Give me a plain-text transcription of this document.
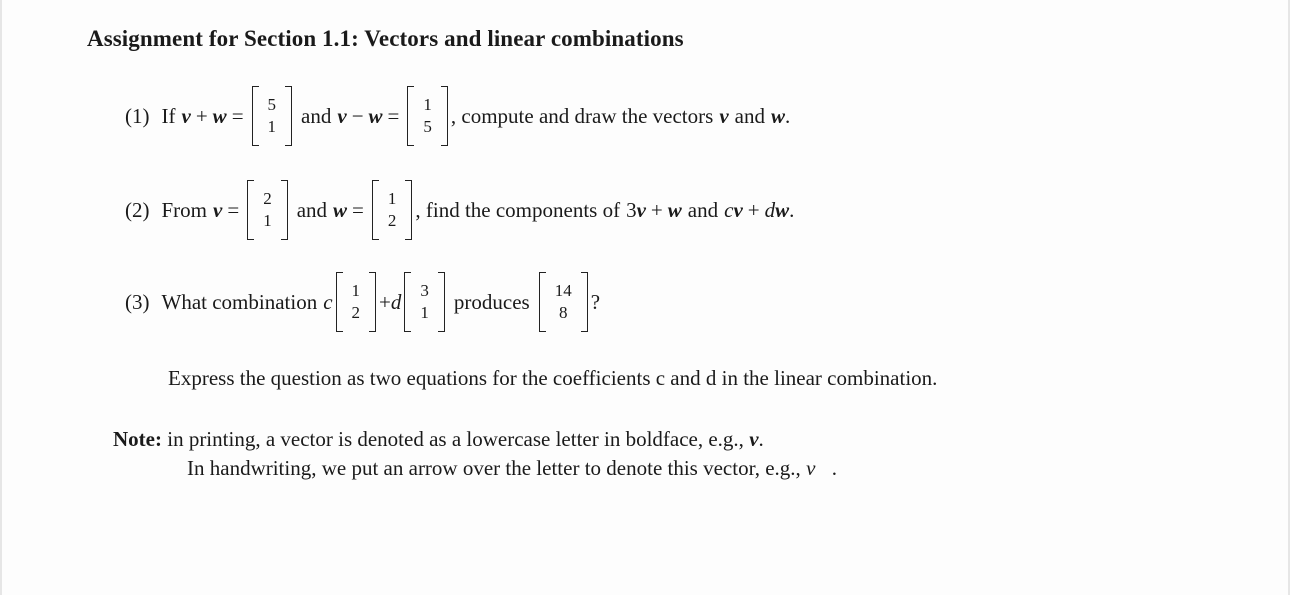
Assignment for Section 1.1: Vectors and linear combinations
(1) If v + w = 5
1 and v − w = 1
5 , compute and draw the vectors v and w .
(2) From v = 2
1 and w = 1
2 , find the components of 3 v + w and c v + d w .
(3) What combination c 1
2 + d 3
1 produces 14
8 ?
Express the question as two equations for the coefficients c and d in the linear combination.
Note: in printing, a vector is denoted as a lowercase letter in boldface, e.g., v.
In handwriting, we put an arrow over the letter to denote this vector, e.g., v⃗.
